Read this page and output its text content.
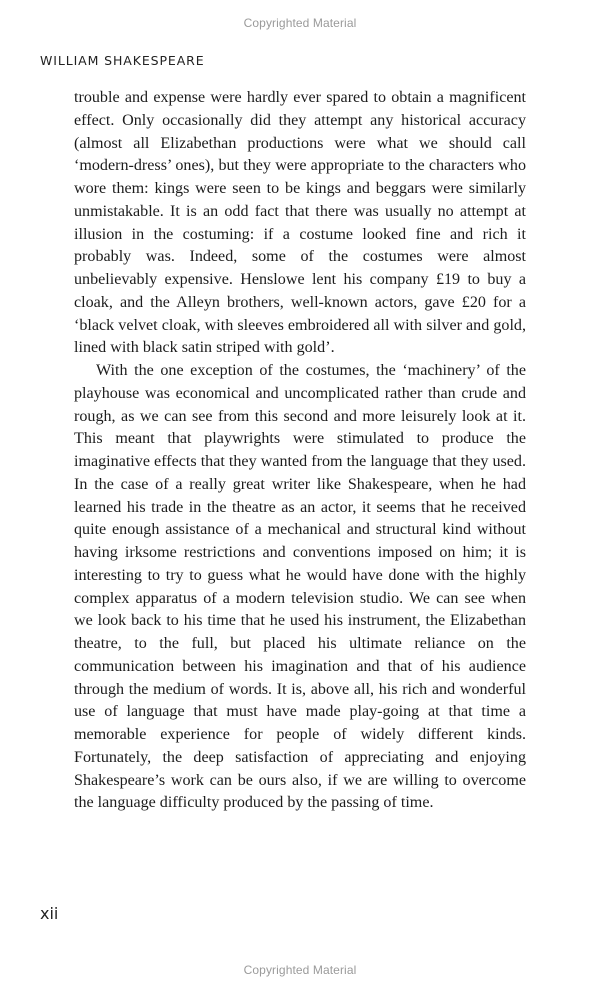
Copyrighted Material
WILLIAM SHAKESPEARE

trouble and expense were hardly ever spared to obtain a magnificent effect. Only occasionally did they attempt any historical accuracy (almost all Elizabethan productions were what we should call ‘modern-dress’ ones), but they were appropriate to the characters who wore them: kings were seen to be kings and beggars were similarly unmistakable. It is an odd fact that there was usually no attempt at illusion in the costuming: if a costume looked fine and rich it probably was. Indeed, some of the costumes were almost unbelievably expensive. Henslowe lent his company £19 to buy a cloak, and the Alleyn brothers, well-known actors, gave £20 for a ‘black velvet cloak, with sleeves embroidered all with silver and gold, lined with black satin striped with gold’.

With the one exception of the costumes, the ‘machinery’ of the playhouse was economical and uncomplicated rather than crude and rough, as we can see from this second and more leisurely look at it. This meant that playwrights were stimulated to produce the imaginative effects that they wanted from the language that they used. In the case of a really great writer like Shakespeare, when he had learned his trade in the theatre as an actor, it seems that he received quite enough assistance of a mechanical and structural kind without having irksome restrictions and conventions imposed on him; it is interesting to try to guess what he would have done with the highly complex apparatus of a modern television studio. We can see when we look back to his time that he used his instrument, the Elizabethan theatre, to the full, but placed his ultimate reliance on the communication between his imagination and that of his audience through the medium of words. It is, above all, his rich and wonderful use of language that must have made play-going at that time a memorable experience for people of widely different kinds. Fortunately, the deep satisfaction of appreciating and enjoying Shakespeare’s work can be ours also, if we are willing to overcome the language difficulty produced by the passing of time.

xii
Copyrighted Material
